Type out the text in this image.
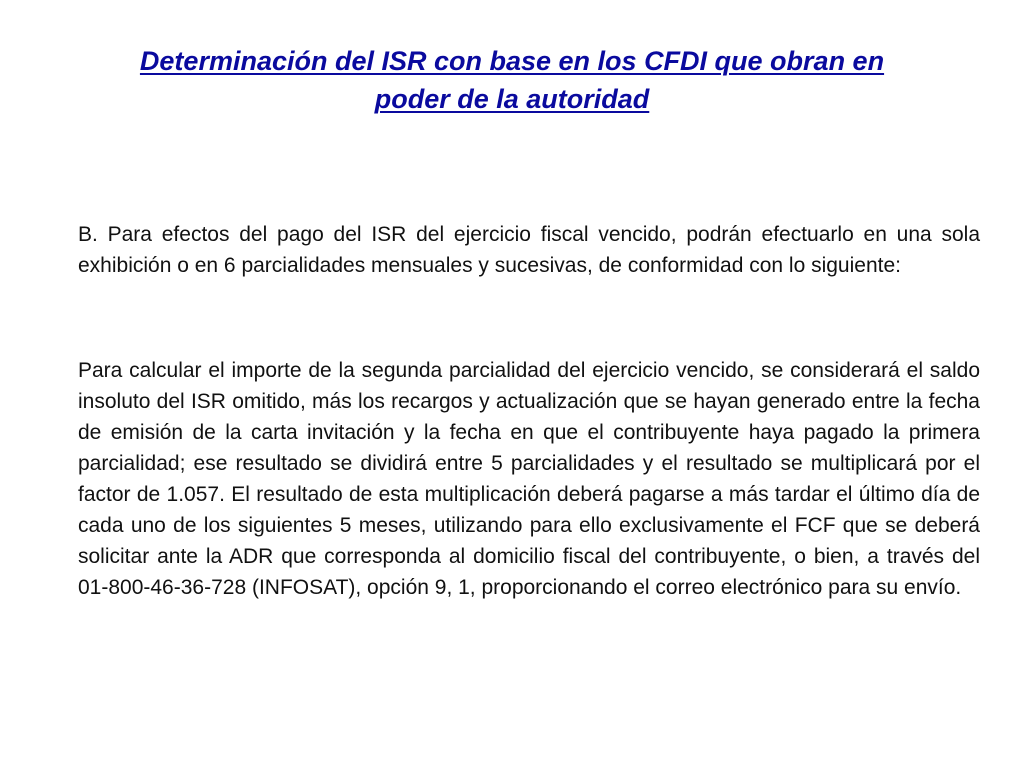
Determinación del ISR con base en los CFDI que obran en poder de la autoridad

B. Para efectos del pago del ISR del ejercicio fiscal vencido, podrán efectuarlo en una sola exhibición o en 6 parcialidades mensuales y sucesivas, de conformidad con lo siguiente:

Para calcular el importe de la segunda parcialidad del ejercicio vencido, se considerará el saldo insoluto del ISR omitido, más los recargos y actualización que se hayan generado entre la fecha de emisión de la carta invitación y la fecha en que el contribuyente haya pagado la primera parcialidad; ese resultado se dividirá entre 5 parcialidades y el resultado se multiplicará por el factor de 1.057. El resultado de esta multiplicación deberá pagarse a más tardar el último día de cada uno de los siguientes 5 meses, utilizando para ello exclusivamente el FCF que se deberá solicitar ante la ADR que corresponda al domicilio fiscal del contribuyente, o bien, a través del 01-800-46-36-728 (INFOSAT), opción 9, 1, proporcionando el correo electrónico para su envío.
